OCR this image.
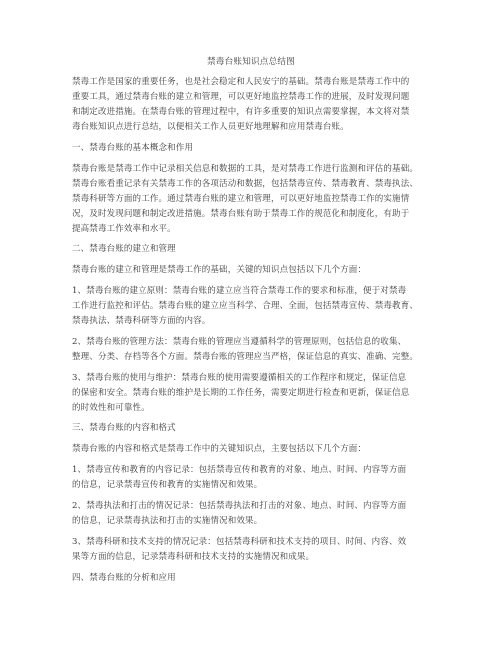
禁毒台账知识点总结图
禁毒工作是国家的重要任务，也是社会稳定和人民安宁的基础。禁毒台账是禁毒工作中的
重要工具，通过禁毒台账的建立和管理，可以更好地监控禁毒工作的进展，及时发现问题
和制定改进措施。在禁毒台账的管理过程中，有许多重要的知识点需要掌握，本文将对禁
毒台账知识点进行总结，以便相关工作人员更好地理解和应用禁毒台账。
一、禁毒台账的基本概念和作用
禁毒台账是禁毒工作中记录相关信息和数据的工具，是对禁毒工作进行监测和评估的基础。
禁毒台账看重记录有关禁毒工作的各项活动和数据，包括禁毒宣传、禁毒教育、禁毒执法、
禁毒科研等方面的工作。通过禁毒台账的建立和管理，可以更好地监控禁毒工作的实施情
况，及时发现问题和制定改进措施。禁毒台账有助于禁毒工作的规范化和制度化，有助于
提高禁毒工作效率和水平。
二、禁毒台账的建立和管理
禁毒台账的建立和管理是禁毒工作的基础，关键的知识点包括以下几个方面：
1、禁毒台账的建立原则：禁毒台账的建立应当符合禁毒工作的要求和标准，便于对禁毒
工作进行监控和评估。禁毒台账的建立应当科学、合理、全面，包括禁毒宣传、禁毒教育、
禁毒执法、禁毒科研等方面的内容。
2、禁毒台账的管理方法：禁毒台账的管理应当遵循科学的管理原则，包括信息的收集、
整理、分类、存档等各个方面。禁毒台账的管理应当严格，保证信息的真实、准确、完整。
3、禁毒台账的使用与维护：禁毒台账的使用需要遵循相关的工作程序和规定，保证信息
的保密和安全。禁毒台账的维护是长期的工作任务，需要定期进行检查和更新，保证信息
的时效性和可靠性。
三、禁毒台账的内容和格式
禁毒台账的内容和格式是禁毒工作中的关键知识点，主要包括以下几个方面：
1、禁毒宣传和教育的内容记录：包括禁毒宣传和教育的对象、地点、时间、内容等方面
的信息，记录禁毒宣传和教育的实施情况和效果。
2、禁毒执法和打击的情况记录：包括禁毒执法和打击的对象、地点、时间、内容等方面
的信息，记录禁毒执法和打击的实施情况和效果。
3、禁毒科研和技术支持的情况记录：包括禁毒科研和技术支持的项目、时间、内容、效
果等方面的信息，记录禁毒科研和技术支持的实施情况和成果。
四、禁毒台账的分析和应用
